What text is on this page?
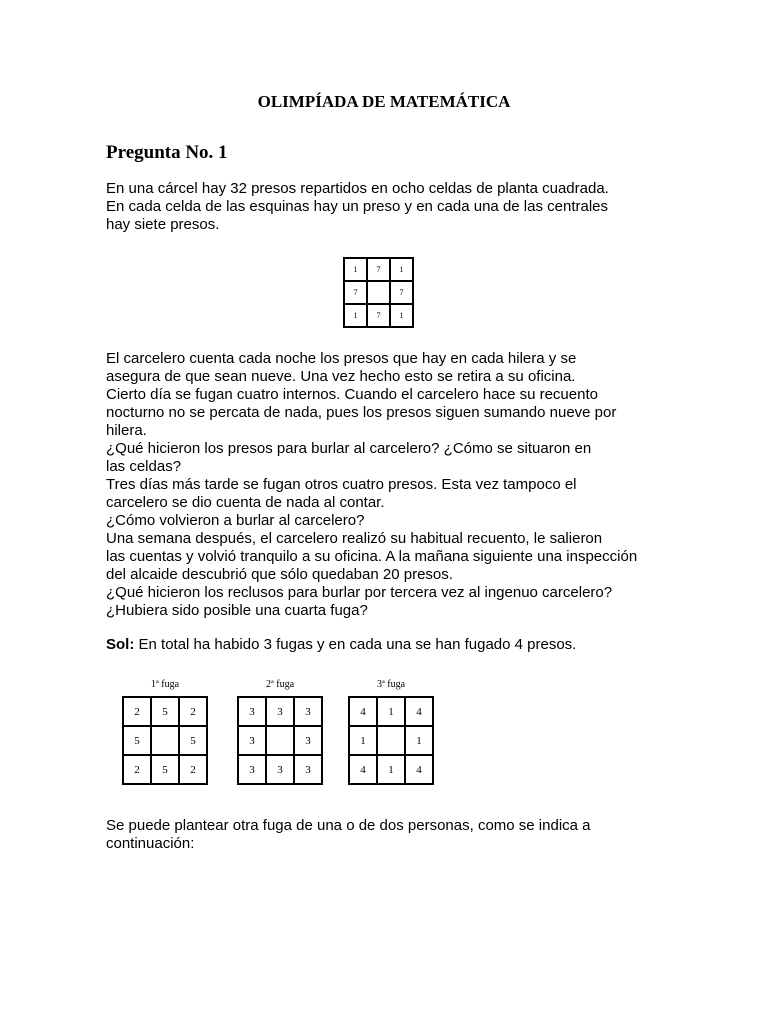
OLIMPÍADA DE MATEMÁTICA
Pregunta No. 1

En una cárcel hay 32 presos repartidos en ocho celdas de planta cuadrada.

En cada celda de las esquinas hay un preso y en cada una de las centrales

hay siete presos.

1	7	1
7		7
1	7	1

El carcelero cuenta cada noche los presos que hay en cada hilera y se

asegura de que sean nueve. Una vez hecho esto se retira a su oficina.

Cierto día se fugan cuatro internos. Cuando el carcelero hace su recuento

nocturno no se percata de nada, pues los presos siguen sumando nueve por

hilera.

¿Qué hicieron los presos para burlar al carcelero? ¿Cómo se situaron en

las celdas?

Tres días más tarde se fugan otros cuatro presos. Esta vez tampoco el

carcelero se dio cuenta de nada al contar.

¿Cómo volvieron a burlar al carcelero?

Una semana después, el carcelero realizó su habitual recuento, le salieron

las cuentas y volvió tranquilo a su oficina. A la mañana siguiente una inspección

del alcaide descubrió que sólo quedaban 20 presos.

¿Qué hicieron los reclusos para burlar por tercera vez al ingenuo carcelero?

¿Hubiera sido posible una cuarta fuga?

Sol: En total ha habido 3 fugas y en cada una se han fugado 4 presos.
1ª fuga
2	5	2
5		5
2	5	2
2ª fuga
3	3	3
3		3
3	3	3
3ª fuga
4	1	4
1		1
4	1	4

Se puede plantear otra fuga de una o de dos personas, como se indica a

continuación:
